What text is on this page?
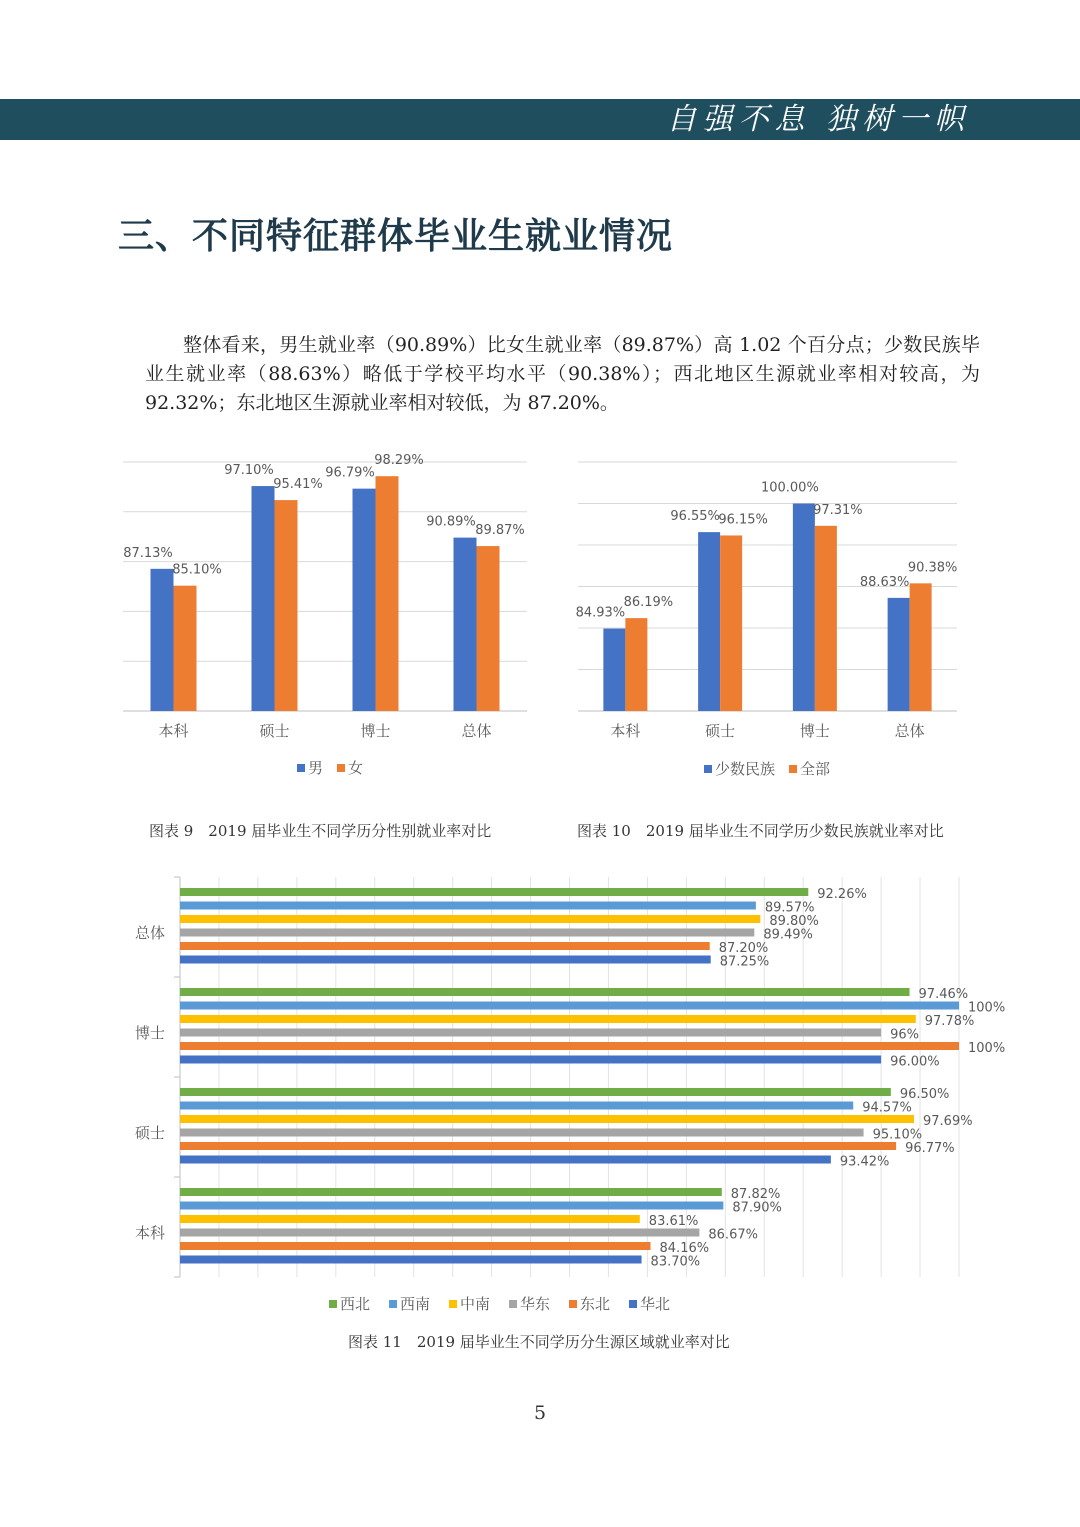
自强不息 独树一帜
三、不同特征群体毕业生就业情况

整体看来，男生就业率（90.89%）比女生就业率（89.87%）高 1.02 个百分点；少数民族毕业生就业率（88.63%）略低于学校平均水平（90.38%）；西北地区生源就业率相对较高，为 92.32%；东北地区生源就业率相对较低，为 87.20%。

87.13%
85.10%
本科
97.10%
95.41%
硕士
96.79%
98.29%
博士
90.89%
89.87%
总体
男 女
84.93%
86.19%
本科
96.55%
96.15%
硕士
100.00%
97.31%
博士
88.63%
90.38%
总体
少数民族 全部
图表 9　2019 届毕业生不同学历分性别就业率对比	图表 10　2019 届毕业生不同学历少数民族就业率对比
总体
92.26%
89.57%
89.80%
89.49%
87.20%
87.25%
博士
97.46%
100%
97.78%
96%
100%
96.00%
硕士
96.50%
94.57%
97.69%
95.10%
96.77%
93.42%
本科
87.82%
87.90%
83.61%
86.67%
84.16%
83.70%
西北 西南 中南 华东 东北 华北
图表 11　2019 届毕业生不同学历分生源区域就业率对比
5
